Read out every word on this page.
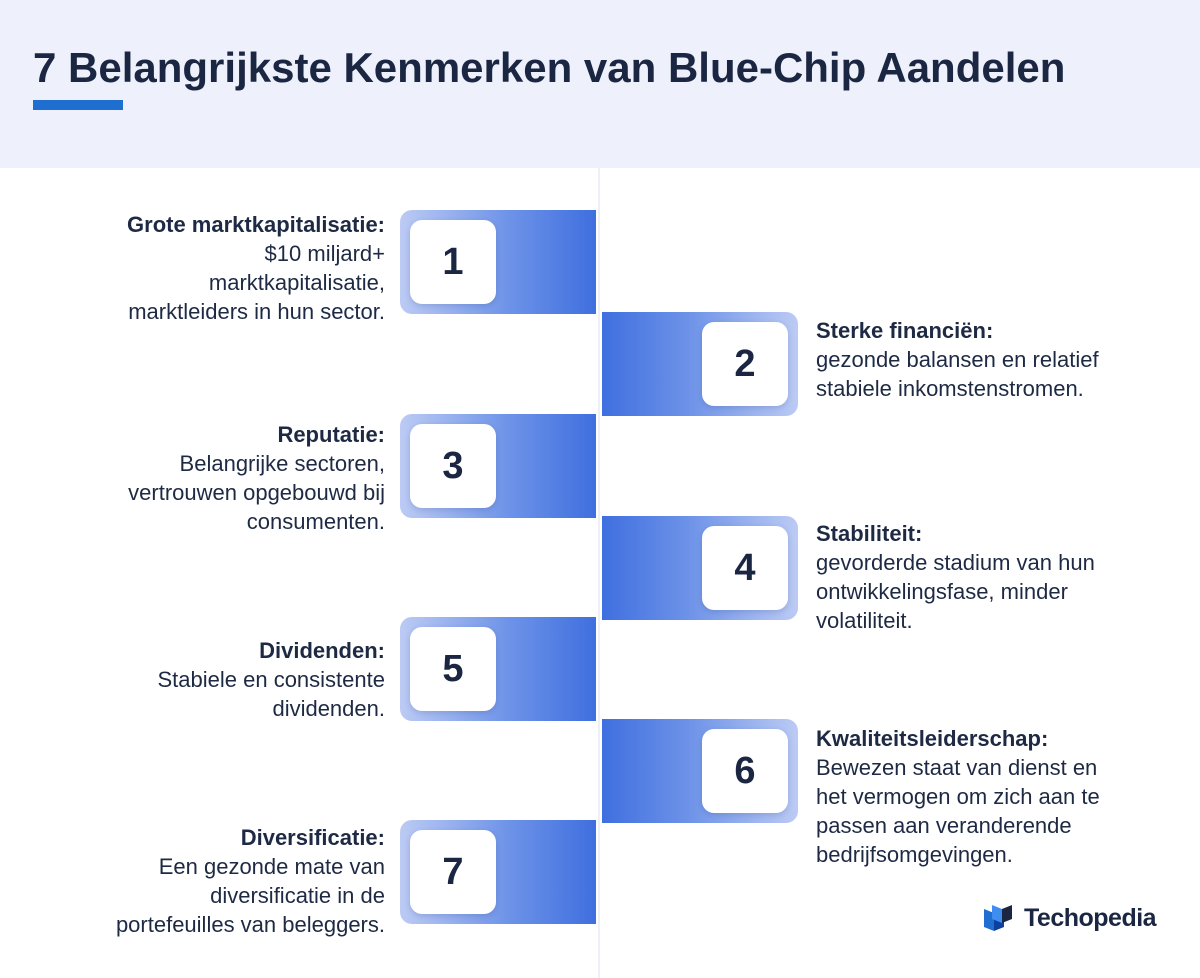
7 Belangrijkste Kenmerken van Blue-Chip Aandelen
1
Grote marktkapitalisatie:
$10 miljard+
marktkapitalisatie,
marktleiders in hun sector.
2
Sterke financiën:
gezonde balansen en relatief
stabiele inkomstenstromen.
3
Reputatie:
Belangrijke sectoren,
vertrouwen opgebouwd bij
consumenten.
4
Stabiliteit:
gevorderde stadium van hun
ontwikkelingsfase, minder
volatiliteit.
5
Dividenden:
Stabiele en consistente
dividenden.
6
Kwaliteitsleiderschap:
Bewezen staat van dienst en
het vermogen om zich aan te
passen aan veranderende
bedrijfsomgevingen.
7
Diversificatie:
Een gezonde mate van
diversificatie in de
portefeuilles van beleggers.	Techopedia
